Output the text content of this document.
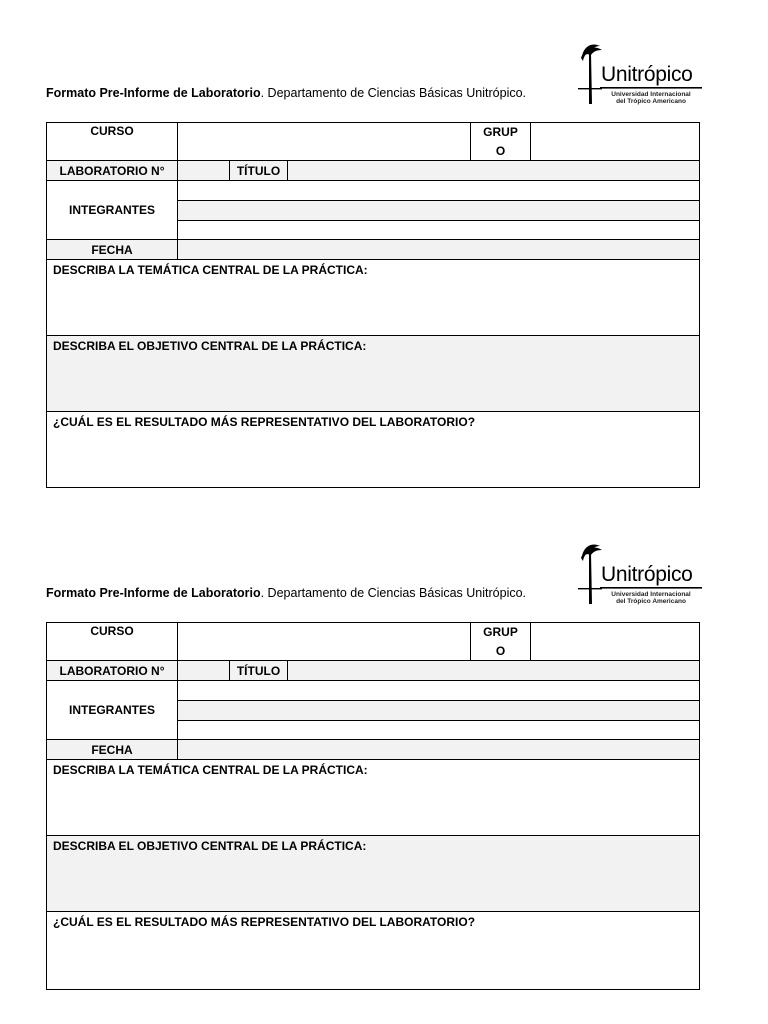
Formato Pre-Informe de Laboratorio. Departamento de Ciencias Básicas Unitrópico.
Unitrópico
Universidad Internacional
del Trópico Americano
CURSO	GRUP
O
LABORATORIO N°	TÍTULO
INTEGRANTES
FECHA
DESCRIBA LA TEMÁTICA CENTRAL DE LA PRÁCTICA:
DESCRIBA EL OBJETIVO CENTRAL DE LA PRÁCTICA:
¿CUÁL ES EL RESULTADO MÁS REPRESENTATIVO DEL LABORATORIO?
Formato Pre-Informe de Laboratorio. Departamento de Ciencias Básicas Unitrópico.
Unitrópico
Universidad Internacional
del Trópico Americano
CURSO	GRUP
O
LABORATORIO N°	TÍTULO
INTEGRANTES
FECHA
DESCRIBA LA TEMÁTICA CENTRAL DE LA PRÁCTICA:
DESCRIBA EL OBJETIVO CENTRAL DE LA PRÁCTICA:
¿CUÁL ES EL RESULTADO MÁS REPRESENTATIVO DEL LABORATORIO?
